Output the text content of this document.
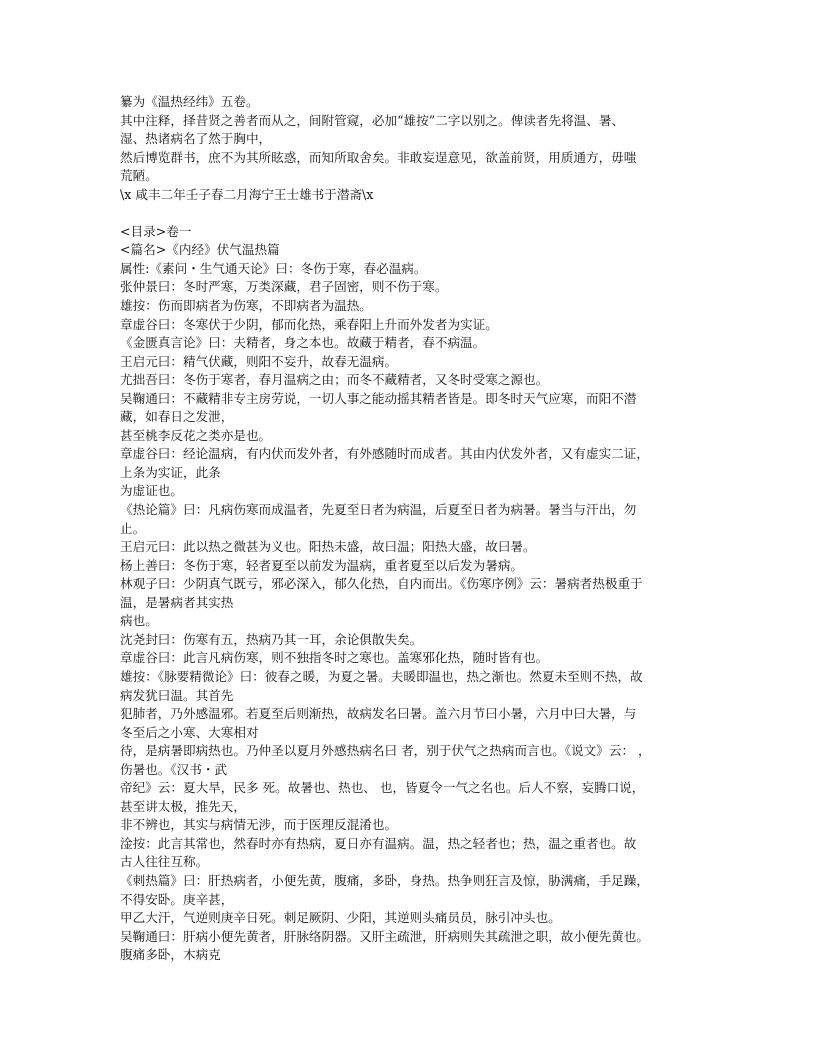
纂为《温热经纬》五卷。
其中注释，择昔贤之善者而从之，间附管窥，必加“雄按”二字以别之。俾读者先将温、暑、
湿、热诸病名了然于胸中，
然后博览群书，庶不为其所眩惑，而知所取舍矣。非敢妄逞意见，欲盖前贤，用质通方，毋嗤
荒陋。
\x 咸丰二年壬子春二月海宁王士雄书于潜斋\x
<目录>卷一
<篇名>《内经》伏气温热篇
属性:《素问・生气通天论》曰：冬伤于寒，春必温病。
张仲景曰：冬时严寒，万类深藏，君子固密，则不伤于寒。
雄按：伤而即病者为伤寒，不即病者为温热。
章虚谷曰：冬寒伏于少阴，郁而化热，乘春阳上升而外发者为实证。
《金匮真言论》曰：夫精者，身之本也。故藏于精者，春不病温。
王启元曰：精气伏藏，则阳不妄升，故春无温病。
尤拙吾曰：冬伤于寒者，春月温病之由；而冬不藏精者，又冬时受寒之源也。
吴鞠通曰：不藏精非专主房劳说，一切人事之能动摇其精者皆是。即冬时天气应寒，而阳不潜
藏，如春日之发泄，
甚至桃李反花之类亦是也。
章虚谷曰：经论温病，有内伏而发外者，有外感随时而成者。其由内伏发外者，又有虚实二证，
上条为实证，此条
为虚证也。
《热论篇》曰：凡病伤寒而成温者，先夏至日者为病温，后夏至日者为病暑。暑当与汗出，勿
止。
王启元曰：此以热之微甚为义也。阳热未盛，故曰温；阳热大盛，故曰暑。
杨上善曰：冬伤于寒，轻者夏至以前发为温病，重者夏至以后发为暑病。
林观子曰：少阴真气既亏，邪必深入，郁久化热，自内而出。《伤寒序例》云：暑病者热极重于
温，是暑病者其实热
病也。
沈尧封曰：伤寒有五，热病乃其一耳，余论俱散失矣。
章虚谷曰：此言凡病伤寒，则不独指冬时之寒也。盖寒邪化热，随时皆有也。
雄按：《脉要精微论》曰：彼春之暖，为夏之暑。夫暖即温也，热之渐也。然夏未至则不热，故
病发犹曰温。其首先
犯肺者，乃外感温邪。若夏至后则渐热，故病发名曰暑。盖六月节曰小暑，六月中曰大暑，与
冬至后之小寒、大寒相对
待，是病暑即病热也。乃仲圣以夏月外感热病名曰 者，别于伏气之热病而言也。《说文》云： ，
伤暑也。《汉书・武
帝纪》云：夏大旱，民多 死。故暑也、热也、 也，皆夏令一气之名也。后人不察，妄腾口说，
甚至讲太极，推先天，
非不辨也，其实与病情无涉，而于医理反混淆也。
淦按：此言其常也，然春时亦有热病，夏日亦有温病。温，热之轻者也；热，温之重者也。故
古人往往互称。
《刺热篇》曰：肝热病者，小便先黄，腹痛，多卧，身热。热争则狂言及惊，胁满痛，手足躁，
不得安卧。庚辛甚，
甲乙大汗，气逆则庚辛日死。刺足厥阴、少阳，其逆则头痛员员，脉引冲头也。
吴鞠通曰：肝病小便先黄者，肝脉络阴器。又肝主疏泄，肝病则失其疏泄之职，故小便先黄也。
腹痛多卧，木病克
